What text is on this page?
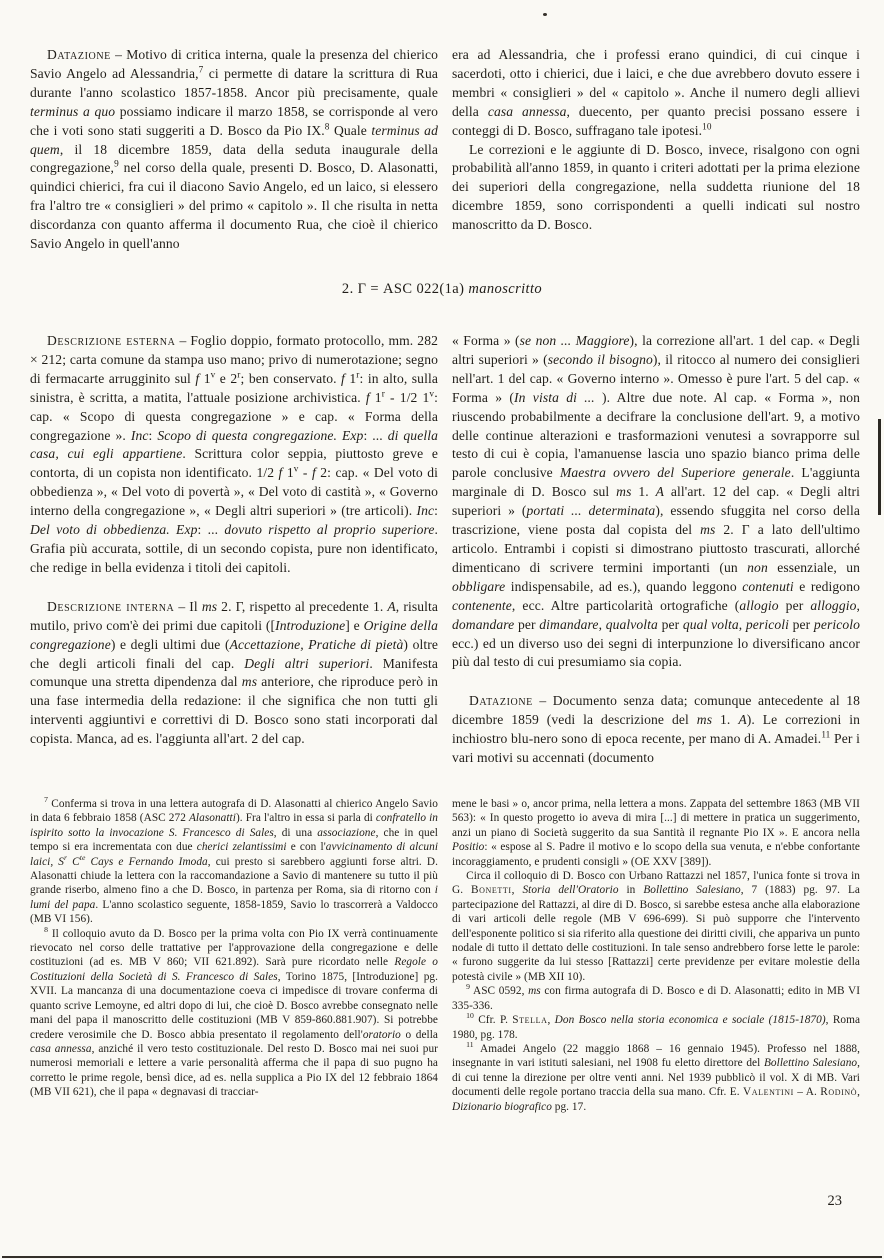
Datazione – Motivo di critica interna, quale la presenza del chierico Savio Angelo ad Alessandria,$^7$ ci permette di datare la scrittura di Rua durante l'anno scolastico 1857-1858. Ancor più precisamente, quale terminus a quo possiamo indicare il marzo 1858, se corrisponde al vero che i voti sono stati suggeriti a D. Bosco da Pio IX.$^8$ Quale terminus ad quem, il 18 dicembre 1859, data della seduta inaugurale della congregazione,$^9$ nel corso della quale, presenti D. Bosco, D. Alasonatti, quindici chierici, fra cui il diacono Savio Angelo, ed un laico, si elessero fra l'altro tre « consiglieri » del primo « capitolo ». Il che risulta in netta discordanza con quanto afferma il documento Rua, che cioè il chierico Savio Angelo in quell'anno

era ad Alessandria, che i professi erano quindici, di cui cinque i sacerdoti, otto i chierici, due i laici, e che due avrebbero dovuto essere i membri « consiglieri » del « capitolo ». Anche il numero degli allievi della casa annessa, duecento, per quanto precisi possano essere i conteggi di D. Bosco, suffragano tale ipotesi.$^{10}$

Le correzioni e le aggiunte di D. Bosco, invece, risalgono con ogni probabilità all'anno 1859, in quanto i criteri adottati per la prima elezione dei superiori della congregazione, nella suddetta riunione del 18 dicembre 1859, sono corrispondenti a quelli indicati sul nostro manoscritto da D. Bosco.

2. Γ = ASC 022(1a) manoscritto

Descrizione esterna – Foglio doppio, formato protocollo, mm. 282 × 212; carta comune da stampa uso mano; privo di numerotazione; segno di fermacarte arrugginito sul f 1$^v$ e 2$^r$; ben conservato. f 1$^r$: in alto, sulla sinistra, è scritta, a matita, l'attuale posizione archivistica. f 1$^r$ - 1/2 1$^v$: cap. « Scopo di questa congregazione » e cap. « Forma della congregazione ». Inc: Scopo di questa congregazione. Exp: ... di quella casa, cui egli appartiene. Scrittura color seppia, piuttosto greve e contorta, di un copista non identificato. 1/2 f 1$^v$ - f 2: cap. « Del voto di obbedienza », « Del voto di povertà », « Del voto di castità », « Governo interno della congregazione », « Degli altri superiori » (tre articoli). Inc: Del voto di obbedienza. Exp: ... dovuto rispetto al proprio superiore. Grafia più accurata, sottile, di un secondo copista, pure non identificato, che redige in bella evidenza i titoli dei capitoli.

Descrizione interna – Il ms 2. Γ, rispetto al precedente 1. A, risulta mutilo, privo com'è dei primi due capitoli ([Introduzione] e Origine della congregazione) e degli ultimi due (Accettazione, Pratiche di pietà) oltre che degli articoli finali del cap. Degli altri superiori. Manifesta comunque una stretta dipendenza dal ms anteriore, che riproduce però in una fase intermedia della redazione: il che significa che non tutti gli interventi aggiuntivi e correttivi di D. Bosco sono stati incorporati dal copista. Manca, ad es. l'aggiunta all'art. 2 del cap.

« Forma » (se non ... Maggiore), la correzione all'art. 1 del cap. « Degli altri superiori » (secondo il bisogno), il ritocco al numero dei consiglieri nell'art. 1 del cap. « Governo interno ». Omesso è pure l'art. 5 del cap. « Forma » (In vista di ... ). Altre due note. Al cap. « Forma », non riuscendo probabilmente a decifrare la conclusione dell'art. 9, a motivo delle continue alterazioni e trasformazioni venutesi a sovrapporre sul testo di cui è copia, l'amanuense lascia uno spazio bianco prima delle parole conclusive Maestra ovvero del Superiore generale. L'aggiunta marginale di D. Bosco sul ms 1. A all'art. 12 del cap. « Degli altri superiori » (portati ... determinata), essendo sfuggita nel corso della trascrizione, viene posta dal copista del ms 2. Γ a lato dell'ultimo articolo. Entrambi i copisti si dimostrano piuttosto trascurati, allorché dimenticano di scrivere termini importanti (un non essenziale, un obbligare indispensabile, ad es.), quando leggono contenuti e redigono contenente, ecc. Altre particolarità ortografiche (allogio per alloggio, domandare per dimandare, qualvolta per qual volta, pericoli per pericolo ecc.) ed un diverso uso dei segni di interpunzione lo diversificano ancor più dal testo di cui presumiamo sia copia.

Datazione – Documento senza data; comunque antecedente al 18 dicembre 1859 (vedi la descrizione del ms 1. A). Le correzioni in inchiostro blu-nero sono di epoca recente, per mano di A. Amadei.$^{11}$ Per i vari motivi su accennati (documento

$^7$ Conferma si trova in una lettera autografa di D. Alasonatti al chierico Angelo Savio in data 6 febbraio 1858 (ASC 272 Alasonatti). Fra l'altro in essa si parla di confratello in ispirito sotto la invocazione S. Francesco di Sales, di una associazione, che in quel tempo si era incrementata con due cherici zelantissimi e con l'avvicinamento di alcuni laici, $S^r$ $C^{te}$ Cays e Fernando Imoda, cui presto si sarebbero aggiunti forse altri. D. Alasonatti chiude la lettera con la raccomandazione a Savio di mantenere su tutto il più grande riserbo, almeno fino a che D. Bosco, in partenza per Roma, sia di ritorno con i lumi del papa. L'anno scolastico seguente, 1858-1859, Savio lo trascorrerà a Valdocco (MB VI 156).

$^8$ Il colloquio avuto da D. Bosco per la prima volta con Pio IX verrà continuamente rievocato nel corso delle trattative per l'approvazione della congregazione e delle costituzioni (ad es. MB V 860; VII 621.892). Sarà pure ricordato nelle Regole o Costituzioni della Società di S. Francesco di Sales, Torino 1875, [Introduzione] pg. XVII. La mancanza di una documentazione coeva ci impedisce di trovare conferma di quanto scrive Lemoyne, ed altri dopo di lui, che cioè D. Bosco avrebbe consegnato nelle mani del papa il manoscritto delle costituzioni (MB V 859-860.881.907). Si potrebbe credere verosimile che D. Bosco abbia presentato il regolamento dell'oratorio o della casa annessa, anziché il vero testo costituzionale. Del resto D. Bosco mai nei suoi pur numerosi memoriali e lettere a varie personalità afferma che il papa di suo pugno ha corretto le prime regole, bensì dice, ad es. nella supplica a Pio IX del 12 febbraio 1864 (MB VII 621), che il papa « degnavasi di tracciar-

mene le basi » o, ancor prima, nella lettera a mons. Zappata del settembre 1863 (MB VII 563): « In questo progetto io aveva di mira [...] di mettere in pratica un suggerimento, anzi un piano di Società suggerito da sua Santità il regnante Pio IX ». E ancora nella Positio: « espose al S. Padre il motivo e lo scopo della sua venuta, e n'ebbe confortante incoraggiamento, e prudenti consigli » (OE XXV [389]).

Circa il colloquio di D. Bosco con Urbano Rattazzi nel 1857, l'unica fonte si trova in G. Bonetti, Storia dell'Oratorio in Bollettino Salesiano, 7 (1883) pg. 97. La partecipazione del Rattazzi, al dire di D. Bosco, si sarebbe estesa anche alla elaborazione di vari articoli delle regole (MB V 696-699). Si può supporre che l'intervento dell'esponente politico si sia riferito alla questione dei diritti civili, che appariva un punto nodale di tutto il dettato delle costituzioni. In tale senso andrebbero forse lette le parole: « furono suggerite da lui stesso [Rattazzi] certe previdenze per evitare molestie della potestà civile » (MB XII 10).

$^9$ ASC 0592, ms con firma autografa di D. Bosco e di D. Alasonatti; edito in MB VI 335-336.

$^{10}$ Cfr. P. Stella, Don Bosco nella storia economica e sociale (1815-1870), Roma 1980, pg. 178.

$^{11}$ Amadei Angelo (22 maggio 1868 – 16 gennaio 1945). Professo nel 1888, insegnante in vari istituti salesiani, nel 1908 fu eletto direttore del Bollettino Salesiano, di cui tenne la direzione per oltre venti anni. Nel 1939 pubblicò il vol. X di MB. Vari documenti delle regole portano traccia della sua mano. Cfr. E. Valentini – A. Rodinò, Dizionario biografico pg. 17.

23
